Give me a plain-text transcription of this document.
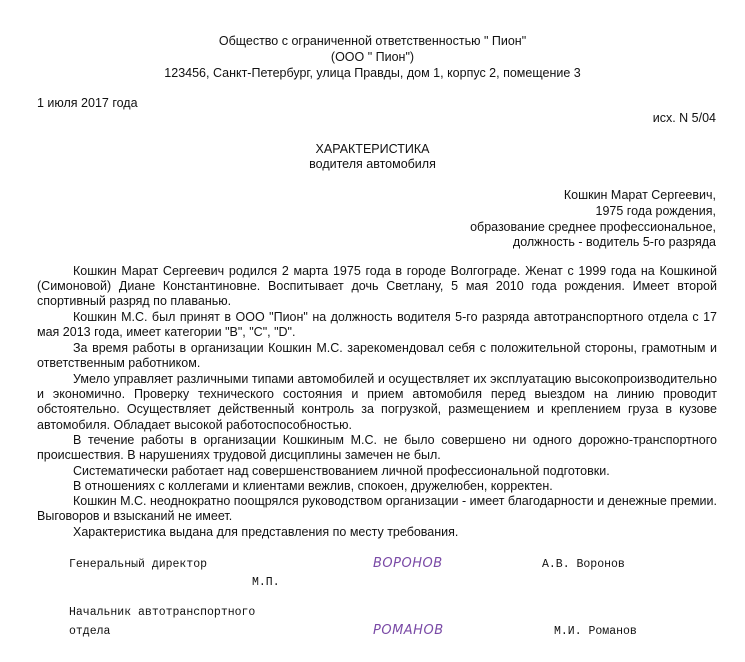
Общество с ограниченной ответственностью " Пион"
(ООО " Пион")
123456, Санкт-Петербург, улица Правды, дом 1, корпус 2, помещение 3
1 июля 2017 года
исх. N 5/04
ХАРАКТЕРИСТИКА
водителя автомобиля
Кошкин Марат Сергеевич,
1975 года рождения,
образование среднее профессиональное,
должность - водитель 5-го разряда

Кошкин Марат Сергеевич родился 2 марта 1975 года в городе Волгограде. Женат с 1999 года на Кошкиной (Симоновой) Диане Константиновне. Воспитывает дочь Светлану, 5 мая 2010 года рождения. Имеет второй спортивный разряд по плаванью.

Кошкин М.С. был принят в ООО "Пион" на должность водителя 5-го разряда автотранспортного отдела с 17 мая 2013 года, имеет категории "B", "C", "D".

За время работы в организации Кошкин М.С. зарекомендовал себя с положительной стороны, грамотным и ответственным работником.

Умело управляет различными типами автомобилей и осуществляет их эксплуатацию высокопроизводительно и экономично. Проверку технического состояния и прием автомобиля перед выездом на линию проводит обстоятельно. Осуществляет действенный контроль за погрузкой, размещением и креплением груза в кузове автомобиля. Обладает высокой работоспособностью.

В течение работы в организации Кошкиным М.С. не было совершено ни одного дорожно-транспортного происшествия. В нарушениях трудовой дисциплины замечен не был.

Систематически работает над совершенствованием личной профессиональной подготовки.

В отношениях с коллегами и клиентами вежлив, спокоен, дружелюбен, корректен.

Кошкин М.С. неоднократно поощрялся руководством организации - имеет благодарности и денежные премии. Выговоров и взысканий не имеет.

Характеристика выдана для представления по месту требования.

Генеральный директор	ВОРОНОВ	А.В. Воронов
М.П.
Начальник автотранспортного
отдела	РОМАНОВ	М.И. Романов
